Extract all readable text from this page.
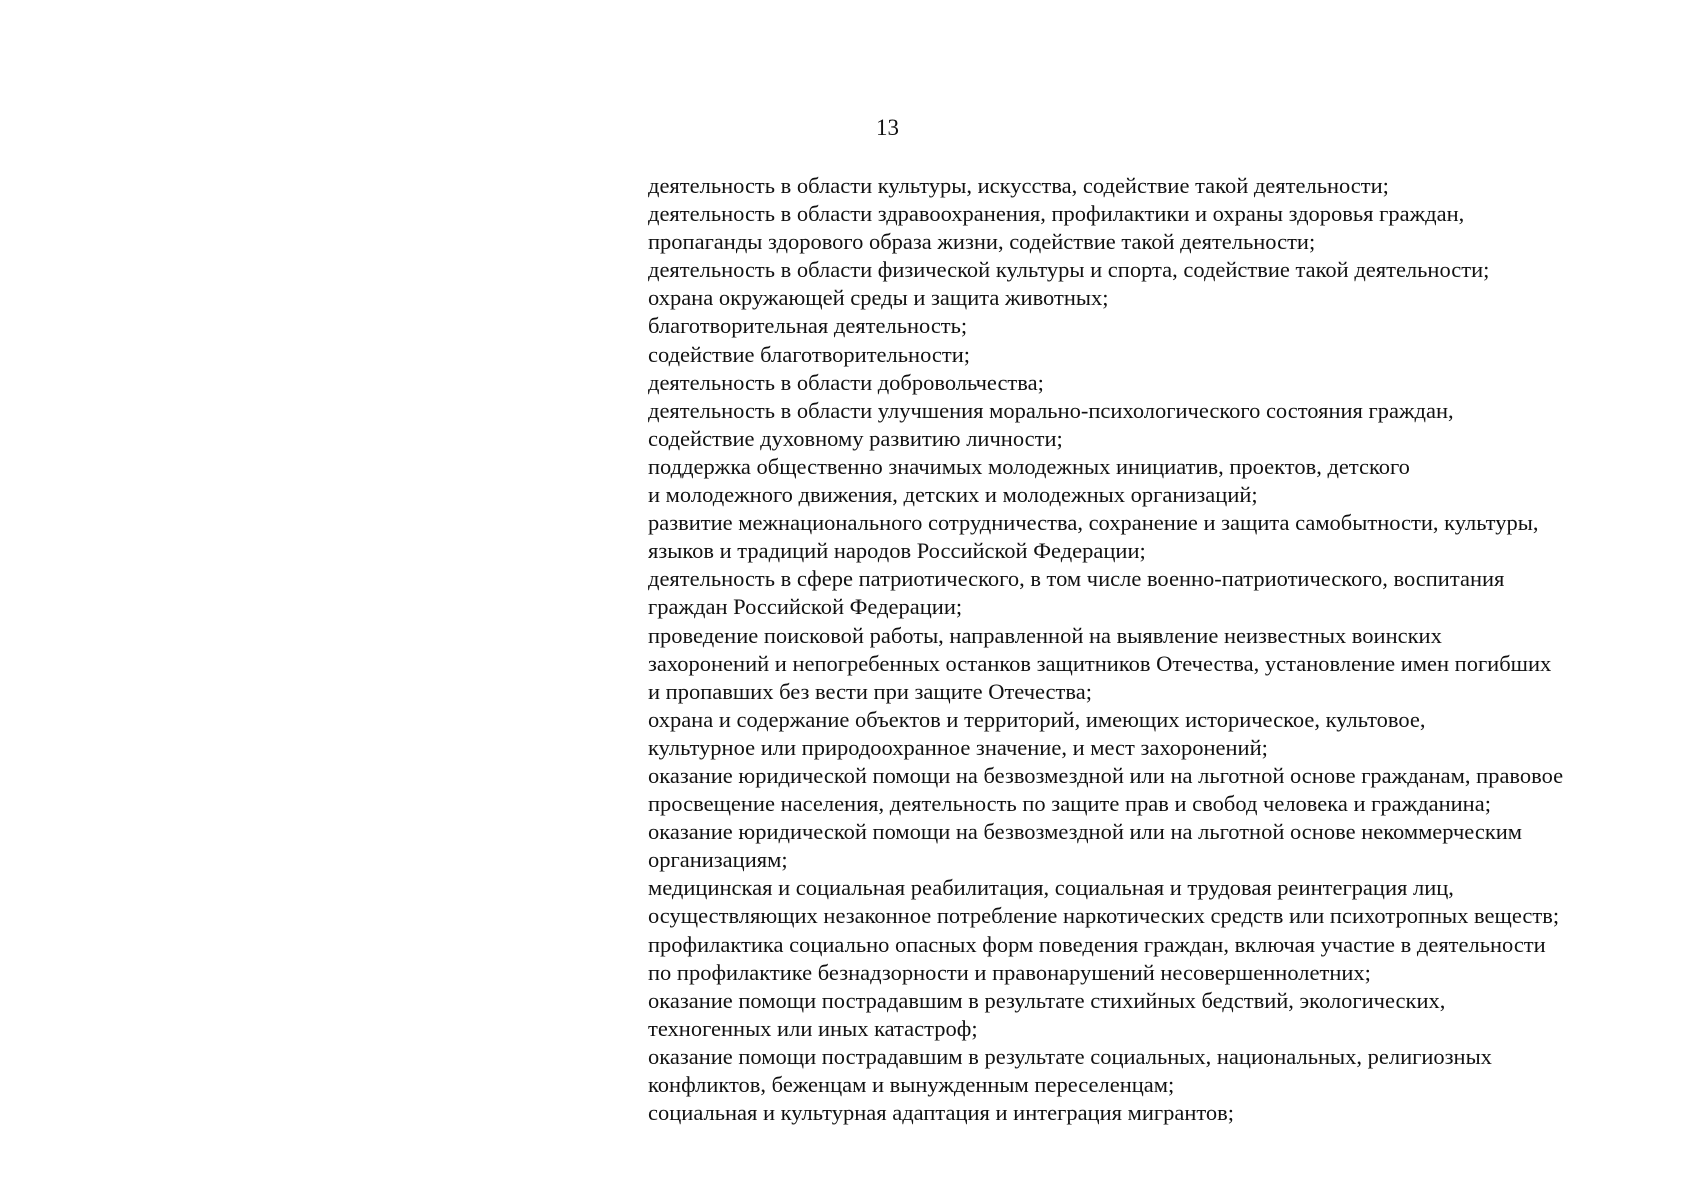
13
деятельность в области культуры, искусства, содействие такой деятельности;
деятельность в области здравоохранения, профилактики и охраны здоровья граждан,
пропаганды здорового образа жизни, содействие такой деятельности;
деятельность в области физической культуры и спорта, содействие такой деятельности;
охрана окружающей среды и защита животных;
благотворительная деятельность;
содействие благотворительности;
деятельность в области добровольчества;
деятельность в области улучшения морально-психологического состояния граждан,
содействие духовному развитию личности;
поддержка общественно значимых молодежных инициатив, проектов, детского
и молодежного движения, детских и молодежных организаций;
развитие межнационального сотрудничества, сохранение и защита самобытности, культуры,
языков и традиций народов Российской Федерации;
деятельность в сфере патриотического, в том числе военно-патриотического, воспитания
граждан Российской Федерации;
проведение поисковой работы, направленной на выявление неизвестных воинских
захоронений и непогребенных останков защитников Отечества, установление имен погибших
и пропавших без вести при защите Отечества;
охрана и содержание объектов и территорий, имеющих историческое, культовое,
культурное или природоохранное значение, и мест захоронений;
оказание юридической помощи на безвозмездной или на льготной основе гражданам, правовое
просвещение населения, деятельность по защите прав и свобод человека и гражданина;
оказание юридической помощи на безвозмездной или на льготной основе некоммерческим
организациям;
медицинская и социальная реабилитация, социальная и трудовая реинтеграция лиц,
осуществляющих незаконное потребление наркотических средств или психотропных веществ;
профилактика социально опасных форм поведения граждан, включая участие в деятельности
по профилактике безнадзорности и правонарушений несовершеннолетних;
оказание помощи пострадавшим в результате стихийных бедствий, экологических,
техногенных или иных катастроф;
оказание помощи пострадавшим в результате социальных, национальных, религиозных
конфликтов, беженцам и вынужденным переселенцам;
социальная и культурная адаптация и интеграция мигрантов;
